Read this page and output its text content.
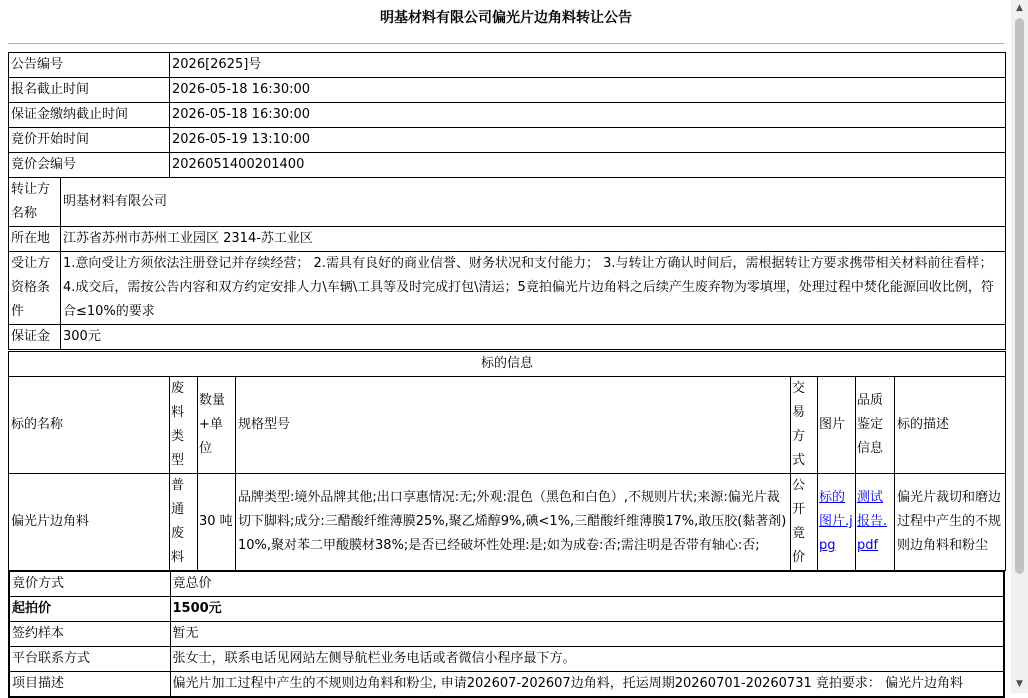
明基材料有限公司偏光片边角料转让公告
公告编号	2026[2625]号
报名截止时间	2026-05-18 16:30:00
保证金缴纳截止时间	2026-05-18 16:30:00
竟价开始时间	2026-05-19 13:10:00
竟价会编号	2026051400201400
转让方名称	明基材料有限公司
所在地	江苏省苏州市苏州工业园区 2314-苏工业区
受让方资格条件	1.意向受让方须依法注册登记并存续经营； 2.需具有良好的商业信誉、财务状况和支付能力； 3.与转让方确认时间后，需根据转让方要求携带相关材料前往看样； 4.成交后，需按公告内容和双方约定安排人力\车辆\工具等及时完成打包\清运；5竟拍偏光片边角料之后续产生废弃物为零填埋，处理过程中焚化能源回收比例，符合≤10%的要求
保证金	300元
标的信息							
标的名称	废料类型	数量+单位	规格型号	交易方式	图片	品质鉴定信息	标的描述
偏光片边角料	普通废料	30 吨	品牌类型:境外品牌其他;出口享惠情况:无;外观:混色（黑色和白色）,不规则片状;来源:偏光片裁切下脚料;成分:三醋酸纤维薄膜25%,聚乙烯醇9%,碘<1%,三醋酸纤维薄膜17%,敢压胶(黏著剤)10%,聚对苯二甲酸膜材38%;是否已经破坏性处理:是;如为成卷:否;需注明是否带有轴心:否;	公开竟价	标的图片.jpg	测试报告.pdf	偏光片裁切和磨边过程中产生的不规则边角料和粉尘
竟价方式	竟总价
起拍价	1500元
签约样本	暂无
平台联系方式	张女士，联系电话见网站左侧导航栏业务电话或者微信小程序最下方。
项目描述	偏光片加工过程中产生的不规则边角料和粉尘, 申请202607-202607边角料，托运周期20260701-20260731 竟拍要求： 偏光片边角料
▲
▼
